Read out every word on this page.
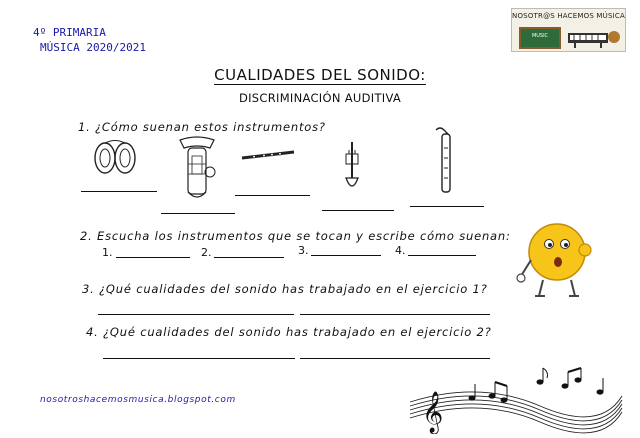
4º PRIMARIA
MÚSICA 2020/2021
NOSOTR@S HACEMOS MÚSICA
MUSIC
CUALIDADES DEL SONIDO:
DISCRIMINACIÓN AUDITIVA
1. ¿Cómo suenan estos instrumentos?
2. Escucha los instrumentos que se tocan y escribe cómo suenan:
1.	2.	3.	4.
3. ¿Qué cualidades del sonido has trabajado en el ejercicio 1?
4. ¿Qué cualidades del sonido has trabajado en el ejercicio 2?
nosotroshacemosmusica.blogspot.com	𝄞
